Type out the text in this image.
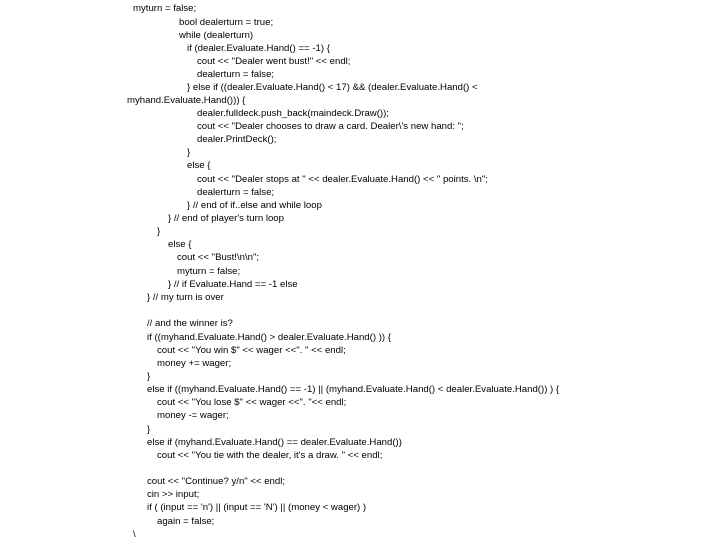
myturn = false;
bool dealerturn = true;
while (dealerturn)
if (dealer.Evaluate.Hand() == -1) {
cout << "Dealer went bust!" << endl;
dealerturn = false;
} else if ((dealer.Evaluate.Hand() < 17) && (dealer.Evaluate.Hand() <
myhand.Evaluate.Hand())) {
dealer.fulldeck.push_back(maindeck.Draw());
cout << "Dealer chooses to draw a card. Dealer\'s new hand: ";
dealer.PrintDeck();
}
else {
cout << "Dealer stops at " << dealer.Evaluate.Hand() << " points. \n";
dealerturn = false;
} // end of if..else and while loop
} // end of player's turn loop
}
else {
cout << "Bust!\n\n";
myturn = false;
} // if Evaluate.Hand == -1 else
} // my turn is over
// and the winner is?
if ((myhand.Evaluate.Hand() > dealer.Evaluate.Hand() )) {
cout << "You win $" << wager <<". " << endl;
money += wager;
}
else if ((myhand.Evaluate.Hand() == -1) || (myhand.Evaluate.Hand() < dealer.Evaluate.Hand()) ) {
cout << "You lose $" << wager <<". "<< endl;
money -= wager;
}
else if (myhand.Evaluate.Hand() == dealer.Evaluate.Hand())
cout << "You tie with the dealer, it's a draw. " << endl;
cout << "Continue? y/n" << endl;
cin >> input;
if ( (input == 'n') || (input == 'N') || (money < wager) )
again = false;
\
